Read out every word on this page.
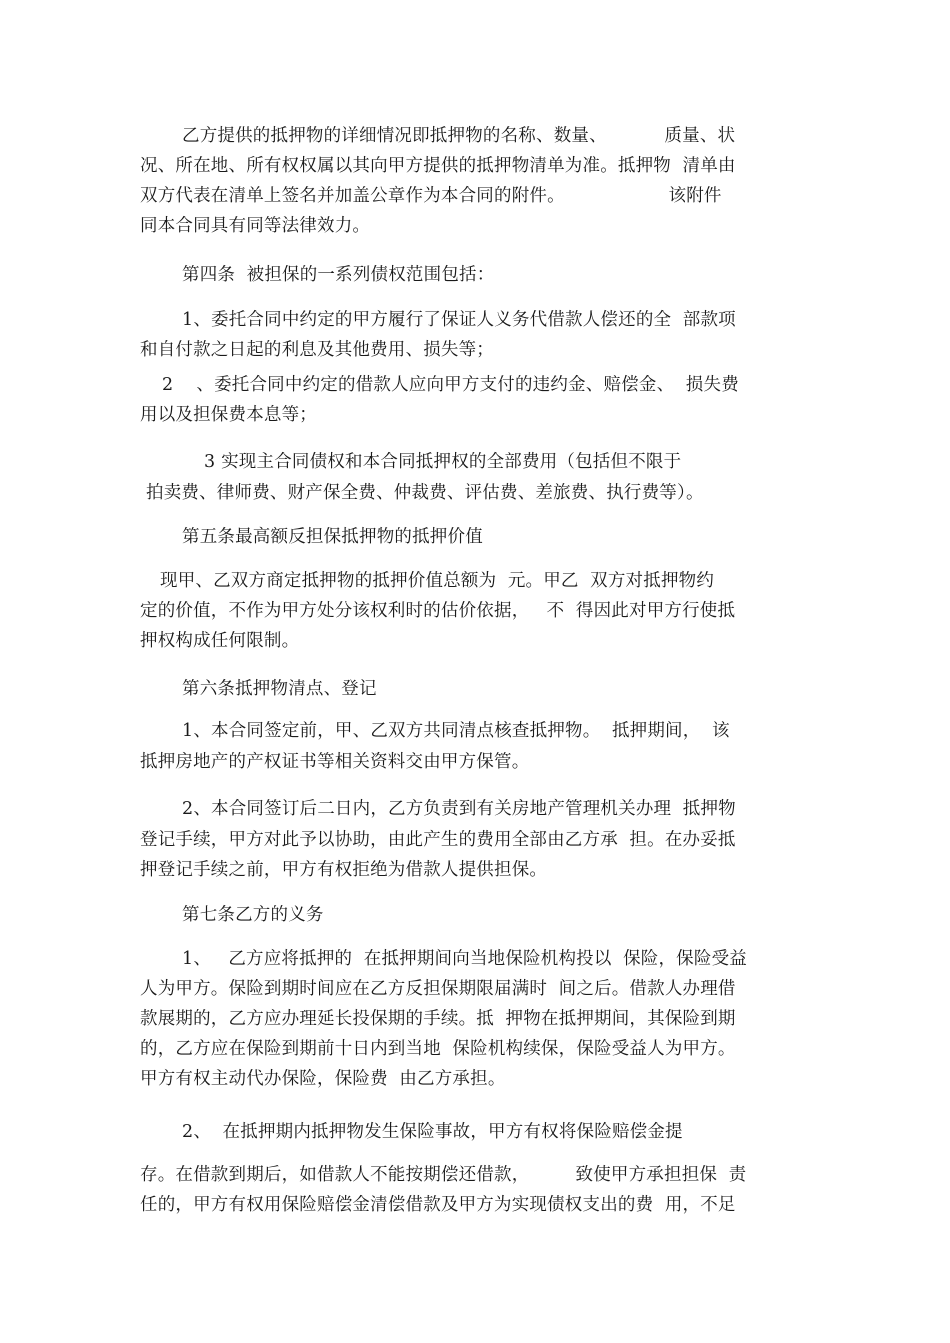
乙方提供的抵押物的详细情况即抵押物的名称、数量、          质量、状
况、所在地、所有权权属以其向甲方提供的抵押物清单为准。抵押物  清单由
双方代表在清单上签名并加盖公章作为本合同的附件。                  该附件
同本合同具有同等法律效力。
第四条  被担保的一系列债权范围包括：
1、委托合同中约定的甲方履行了保证人义务代借款人偿还的全  部款项
和自付款之日起的利息及其他费用、损失等；
2    、委托合同中约定的借款人应向甲方支付的违约金、赔偿金、  损失费
用以及担保费本息等；
3 实现主合同债权和本合同抵押权的全部费用（包括但不限于
拍卖费、律师费、财产保全费、仲裁费、评估费、差旅费、执行费等）。
第五条最高额反担保抵押物的抵押价值
现甲、乙双方商定抵押物的抵押价值总额为  元。甲乙  双方对抵押物约
定的价值，不作为甲方处分该权利时的估价依据，   不  得因此对甲方行使抵
押权构成任何限制。
第六条抵押物清点、登记
1、本合同签定前，甲、乙双方共同清点核查抵押物。  抵押期间，  该
抵押房地产的产权证书等相关资料交由甲方保管。
2、本合同签订后二日内，乙方负责到有关房地产管理机关办理  抵押物
登记手续，甲方对此予以协助，由此产生的费用全部由乙方承  担。在办妥抵
押登记手续之前，甲方有权拒绝为借款人提供担保。
第七条乙方的义务
1、   乙方应将抵押的  在抵押期间向当地保险机构投以  保险，保险受益
人为甲方。保险到期时间应在乙方反担保期限届满时  间之后。借款人办理借
款展期的，乙方应办理延长投保期的手续。抵  押物在抵押期间，其保险到期
的，乙方应在保险到期前十日内到当地  保险机构续保，保险受益人为甲方。
甲方有权主动代办保险，保险费  由乙方承担。
2、  在抵押期内抵押物发生保险事故，甲方有权将保险赔偿金提
存。在借款到期后，如借款人不能按期偿还借款，        致使甲方承担担保  责
任的，甲方有权用保险赔偿金清偿借款及甲方为实现债权支出的费  用，不足
